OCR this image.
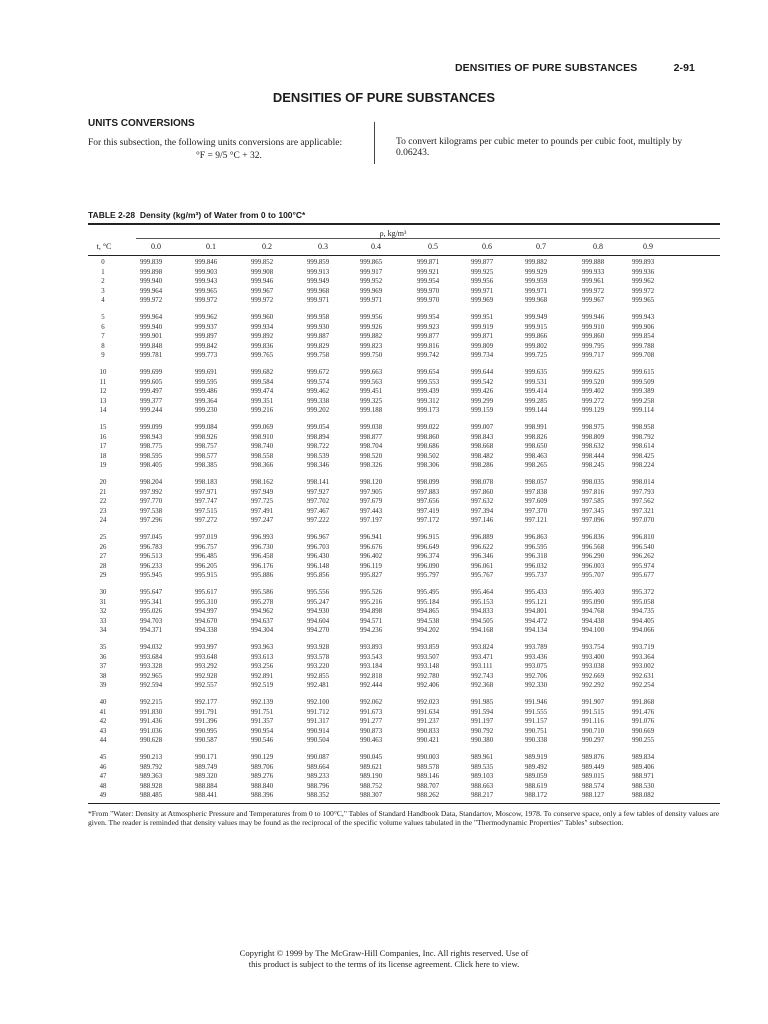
DENSITIES OF PURE SUBSTANCES	2-91
DENSITIES OF PURE SUBSTANCES
UNITS CONVERSIONS
For this subsection, the following units conversions are applicable:
°F = 9/5 °C + 32.
To convert kilograms per cubic meter to pounds per cubic foot, multiply by 0.06243.
TABLE 2-28 Density (kg/m³) of Water from 0 to 100°C*
ρ, kg/m³
t, °C	0.0	0.1	0.2	0.3	0.4	0.5	0.6	0.7	0.8	0.9
0	999.839	999.846	999.852	999.859	999.865	999.871	999.877	999.882	999.888	999.893
1	999.898	999.903	999.908	999.913	999.917	999.921	999.925	999.929	999.933	999.936
2	999.940	999.943	999.946	999.949	999.952	999.954	999.956	999.959	999.961	999.962
3	999.964	999.965	999.967	999.968	999.969	999.970	999.971	999.971	999.972	999.972
4	999.972	999.972	999.972	999.971	999.971	999.970	999.969	999.968	999.967	999.965
5	999.964	999.962	999.960	999.958	999.956	999.954	999.951	999.949	999.946	999.943
6	999.940	999.937	999.934	999.930	999.926	999.923	999.919	999.915	999.910	999.906
7	999.901	999.897	999.892	999.887	999.882	999.877	999.871	999.866	999.860	999.854
8	999.848	999.842	999.836	999.829	999.823	999.816	999.809	999.802	999.795	999.788
9	999.781	999.773	999.765	999.758	999.750	999.742	999.734	999.725	999.717	999.708
10	999.699	999.691	999.682	999.672	999.663	999.654	999.644	999.635	999.625	999.615
11	999.605	999.595	999.584	999.574	999.563	999.553	999.542	999.531	999.520	999.509
12	999.497	999.486	999.474	999.462	999.451	999.439	999.426	999.414	999.402	999.389
13	999.377	999.364	999.351	999.338	999.325	999.312	999.299	999.285	999.272	999.258
14	999.244	999.230	999.216	999.202	999.188	999.173	999.159	999.144	999.129	999.114
15	999.099	999.084	999.069	999.054	999.038	999.022	999.007	998.991	998.975	998.958
16	998.943	998.926	998.910	998.894	998.877	998.860	998.843	998.826	998.809	998.792
17	998.775	998.757	998.740	998.722	998.704	998.686	998.668	998.650	998.632	998.614
18	998.595	998.577	998.558	998.539	998.520	998.502	998.482	998.463	998.444	998.425
19	998.405	998.385	998.366	998.346	998.326	998.306	998.286	998.265	998.245	998.224
20	998.204	998.183	998.162	998.141	998.120	998.099	998.078	998.057	998.035	998.014
21	997.992	997.971	997.949	997.927	997.905	997.883	997.860	997.838	997.816	997.793
22	997.770	997.747	997.725	997.702	997.679	997.656	997.632	997.609	997.585	997.562
23	997.538	997.515	997.491	997.467	997.443	997.419	997.394	997.370	997.345	997.321
24	997.296	997.272	997.247	997.222	997.197	997.172	997.146	997.121	997.096	997.070
25	997.045	997.019	996.993	996.967	996.941	996.915	996.889	996.863	996.836	996.810
26	996.783	996.757	996.730	996.703	996.676	996.649	996.622	996.595	996.568	996.540
27	996.513	996.485	996.458	996.430	996.402	996.374	996.346	996.318	996.290	996.262
28	996.233	996.205	996.176	996.148	996.119	996.090	996.061	996.032	996.003	995.974
29	995.945	995.915	995.886	995.856	995.827	995.797	995.767	995.737	995.707	995.677
30	995.647	995.617	995.586	995.556	995.526	995.495	995.464	995.433	995.403	995.372
31	995.341	995.310	995.278	995.247	995.216	995.184	995.153	995.121	995.090	995.058
32	995.026	994.997	994.962	994.930	994.898	994.865	994.833	994.801	994.768	994.735
33	994.703	994.670	994.637	994.604	994.571	994.538	994.505	994.472	994.438	994.405
34	994.371	994.338	994.304	994.270	994.236	994.202	994.168	994.134	994.100	994.066
35	994.032	993.997	993.963	993.928	993.893	993.859	993.824	993.789	993.754	993.719
36	993.684	993.648	993.613	993.578	993.543	993.507	993.471	993.436	993.400	993.364
37	993.328	993.292	993.256	993.220	993.184	993.148	993.111	993.075	993.038	993.002
38	992.965	992.928	992.891	992.855	992.818	992.780	992.743	992.706	992.669	992.631
39	992.594	992.557	992.519	992.481	992.444	992.406	992.368	992.330	992.292	992.254
40	992.215	992.177	992.139	992.100	992.062	992.023	991.985	991.946	991.907	991.868
41	991.830	991.791	991.751	991.712	991.673	991.634	991.594	991.555	991.515	991.476
42	991.436	991.396	991.357	991.317	991.277	991.237	991.197	991.157	991.116	991.076
43	991.036	990.995	990.954	990.914	990.873	990.833	990.792	990.751	990.710	990.669
44	990.628	990.587	990.546	990.504	990.463	990.421	990.380	990.338	990.297	990.255
45	990.213	990.171	990.129	990.087	990.045	990.003	989.961	989.919	989.876	989.834
46	989.792	989.749	989.706	989.664	989.621	989.578	989.535	989.492	989.449	989.406
47	989.363	989.320	989.276	989.233	989.190	989.146	989.103	989.059	989.015	988.971
48	988.928	988.884	988.840	988.796	988.752	988.707	988.663	988.619	988.574	988.530
49	988.485	988.441	988.396	988.352	988.307	988.262	988.217	988.172	988.127	988.082
*From "Water: Density at Atmospheric Pressure and Temperatures from 0 to 100°C," Tables of Standard Handbook Data, Standartov, Moscow, 1978. To conserve space, only a few tables of density values are given. The reader is reminded that density values may be found as the reciprocal of the specific volume values tabulated in the "Thermodynamic Properties" Tables" subsection.
Copyright © 1999 by The McGraw-Hill Companies, Inc. All rights reserved. Use of
this product is subject to the terms of its license agreement. Click here to view.
